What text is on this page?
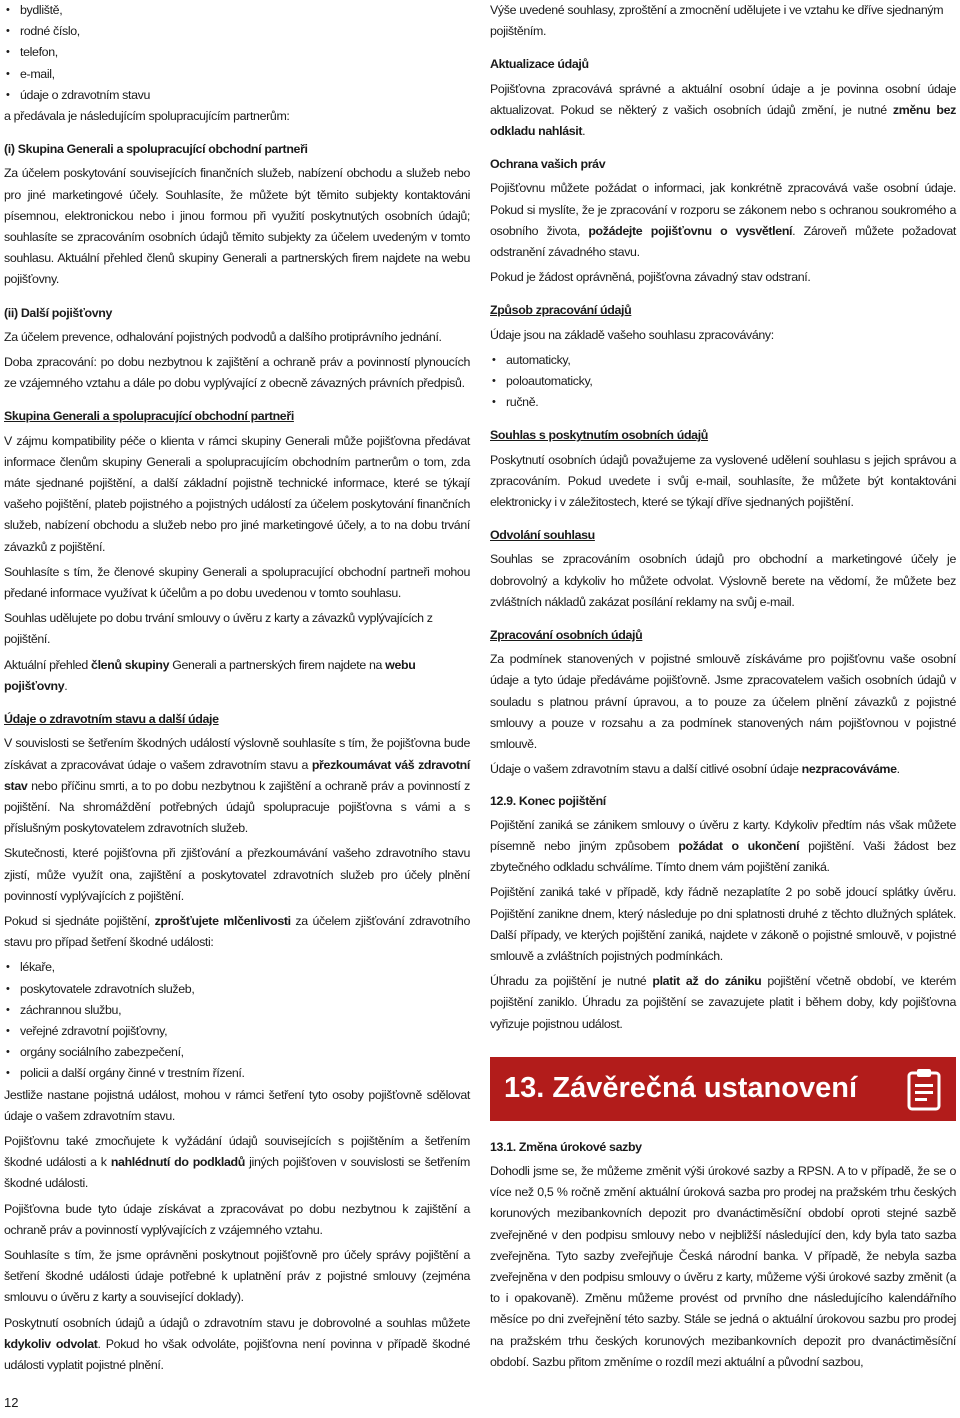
• bydliště,
• rodné číslo,
• telefon,
• e-mail,
• údaje o zdravotním stavu

a předávala je následujícím spolupracujícím partnerům:

(i) Skupina Generali a spolupracující obchodní partneři

Za účelem poskytování souvisejících finančních služeb, nabízení obchodu a služeb nebo pro jiné marketingové účely. Souhlasíte, že můžete být těmito subjekty kontaktováni písemnou, elektronickou nebo i jinou formou při využití poskytnutých osobních údajů; souhlasíte se zpracováním osobních údajů těmito subjekty za účelem uvedeným v tomto souhlasu. Aktuální přehled členů skupiny Generali a partnerských firem najdete na webu pojišťovny.

(ii) Další pojišťovny

Za účelem prevence, odhalování pojistných podvodů a dalšího protiprávního jednání.

Doba zpracování: po dobu nezbytnou k zajištění a ochraně práv a povinností plynoucích ze vzájemného vztahu a dále po dobu vyplývající z obecně závazných právních předpisů.

Skupina Generali a spolupracující obchodní partneři

V zájmu kompatibility péče o klienta v rámci skupiny Generali může pojišťovna předávat informace členům skupiny Generali a spolupracujícím obchodním partnerům o tom, zda máte sjednané pojištění, a další základní pojistně technické informace, které se týkají vašeho pojištění, plateb pojistného a pojistných událostí za účelem poskytování finančních služeb, nabízení obchodu a služeb nebo pro jiné marketingové účely, a to na dobu trvání závazků z pojištění.

Souhlasíte s tím, že členové skupiny Generali a spolupracující obchodní partneři mohou předané informace využívat k účelům a po dobu uvedenou v tomto souhlasu.

Souhlas udělujete po dobu trvání smlouvy o úvěru z karty a závazků vyplývajících z pojištění.

Aktuální přehled členů skupiny Generali a partnerských firem najdete na webu pojišťovny.

Údaje o zdravotním stavu a další údaje

V souvislosti se šetřením škodných událostí výslovně souhlasíte s tím, že pojišťovna bude získávat a zpracovávat údaje o vašem zdravotním stavu a přezkoumávat váš zdravotní stav nebo příčinu smrti, a to po dobu nezbytnou k zajištění a ochraně práv a povinností z pojištění. Na shromáždění potřebných údajů spolupracuje pojišťovna s vámi a s příslušným poskytovatelem zdravotních služeb.

Skutečnosti, které pojišťovna při zjišťování a přezkoumávání vašeho zdravotního stavu zjistí, může využít ona, zajištění a poskytovatel zdravotních služeb pro účely plnění povinností vyplývajících z pojištění.

Pokud si sjednáte pojištění, zprošťujete mlčenlivosti za účelem zjišťování zdravotního stavu pro případ šetření škodné události:

• lékaře,
• poskytovatele zdravotních služeb,
• záchrannou službu,
• veřejné zdravotní pojišťovny,
• orgány sociálního zabezpečení,
• policii a další orgány činné v trestním řízení.

Jestliže nastane pojistná událost, mohou v rámci šetření tyto osoby pojišťovně sdělovat údaje o vašem zdravotním stavu.

Pojišťovnu také zmocňujete k vyžádání údajů souvisejících s pojištěním a šetřením škodné události a k nahlédnutí do podkladů jiných pojišťoven v souvislosti se šetřením škodné události.

Pojišťovna bude tyto údaje získávat a zpracovávat po dobu nezbytnou k zajištění a ochraně práv a povinností vyplývajících z vzájemného vztahu.

Souhlasíte s tím, že jsme oprávněni poskytnout pojišťovně pro účely správy pojištění a šetření škodné události údaje potřebné k uplatnění práv z pojistné smlouvy (zejména smlouvu o úvěru z karty a související doklady).

Poskytnutí osobních údajů a údajů o zdravotním stavu je dobrovolné a souhlas můžete kdykoliv odvolat. Pokud ho však odvoláte, pojišťovna není povinna v případě škodné události vyplatit pojistné plnění.

Výše uvedené souhlasy, zproštění a zmocnění udělujete i ve vztahu ke dříve sjednaným pojištěním.

Aktualizace údajů

Pojišťovna zpracovává správné a aktuální osobní údaje a je povinna osobní údaje aktualizovat. Pokud se některý z vašich osobních údajů změní, je nutné změnu bez odkladu nahlásit.

Ochrana vašich práv

Pojišťovnu můžete požádat o informaci, jak konkrétně zpracovává vaše osobní údaje. Pokud si myslíte, že je zpracování v rozporu se zákonem nebo s ochranou soukromého a osobního života, požádejte pojišťovnu o vysvětlení. Zároveň můžete požadovat odstranění závadného stavu.

Pokud je žádost oprávněná, pojišťovna závadný stav odstraní.

Způsob zpracování údajů

Údaje jsou na základě vašeho souhlasu zpracovávány:

• automaticky,
• poloautomaticky,
• ručně.
Souhlas s poskytnutím osobních údajů

Poskytnutí osobních údajů považujeme za vyslovené udělení souhlasu s jejich správou a zpracováním. Pokud uvedete i svůj e-mail, souhlasíte, že můžete být kontaktováni elektronicky i v záležitostech, které se týkají dříve sjednaných pojištění.

Odvolání souhlasu

Souhlas se zpracováním osobních údajů pro obchodní a marketingové účely je dobrovolný a kdykoliv ho můžete odvolat. Výslovně berete na vědomí, že můžete bez zvláštních nákladů zakázat posílání reklamy na svůj e-mail.

Zpracování osobních údajů

Za podmínek stanovených v pojistné smlouvě získáváme pro pojišťovnu vaše osobní údaje a tyto údaje předáváme pojišťovně. Jsme zpracovatelem vašich osobních údajů v souladu s platnou právní úpravou, a to pouze za účelem plnění závazků z pojistné smlouvy a pouze v rozsahu a za podmínek stanovených nám pojišťovnou v pojistné smlouvě.

Údaje o vašem zdravotním stavu a další citlivé osobní údaje nezpracováváme.

12.9. Konec pojištění

Pojištění zaniká se zánikem smlouvy o úvěru z karty. Kdykoliv předtím nás však můžete písemně nebo jiným způsobem požádat o ukončení pojištění. Vaši žádost bez zbytečného odkladu schválíme. Tímto dnem vám pojištění zaniká.

Pojištění zaniká také v případě, kdy řádně nezaplatíte 2 po sobě jdoucí splátky úvěru. Pojištění zanikne dnem, který následuje po dni splatnosti druhé z těchto dlužných splátek. Další případy, ve kterých pojištění zaniká, najdete v zákoně o pojistné smlouvě, v pojistné smlouvě a zvláštních pojistných podmínkách.

Úhradu za pojištění je nutné platit až do zániku pojištění včetně období, ve kterém pojištění zaniklo. Úhradu za pojištění se zavazujete platit i během doby, kdy pojišťovna vyřizuje pojistnou událost.

13. Závěrečná ustanovení
13.1. Změna úrokové sazby

Dohodli jsme se, že můžeme změnit výši úrokové sazby a RPSN. A to v případě, že se o více než 0,5 % ročně změní aktuální úroková sazba pro prodej na pražském trhu českých korunových mezibankovních depozit pro dvanáctiměsíční období oproti stejné sazbě zveřejněné v den podpisu smlouvy nebo v nejbližší následující den, kdy byla tato sazba zveřejněna. Tyto sazby zveřejňuje Česká národní banka. V případě, že nebyla sazba zveřejněna v den podpisu smlouvy o úvěru z karty, můžeme výši úrokové sazby změnit (a to i opakovaně). Změnu můžeme provést od prvního dne následujícího kalendářního měsíce po dni zveřejnění této sazby. Stále se jedná o aktuální úrokovou sazbu pro prodej na pražském trhu českých korunových mezibankovních depozit pro dvanáctiměsíční období. Sazbu přitom změníme o rozdíl mezi aktuální a původní sazbou,

12
